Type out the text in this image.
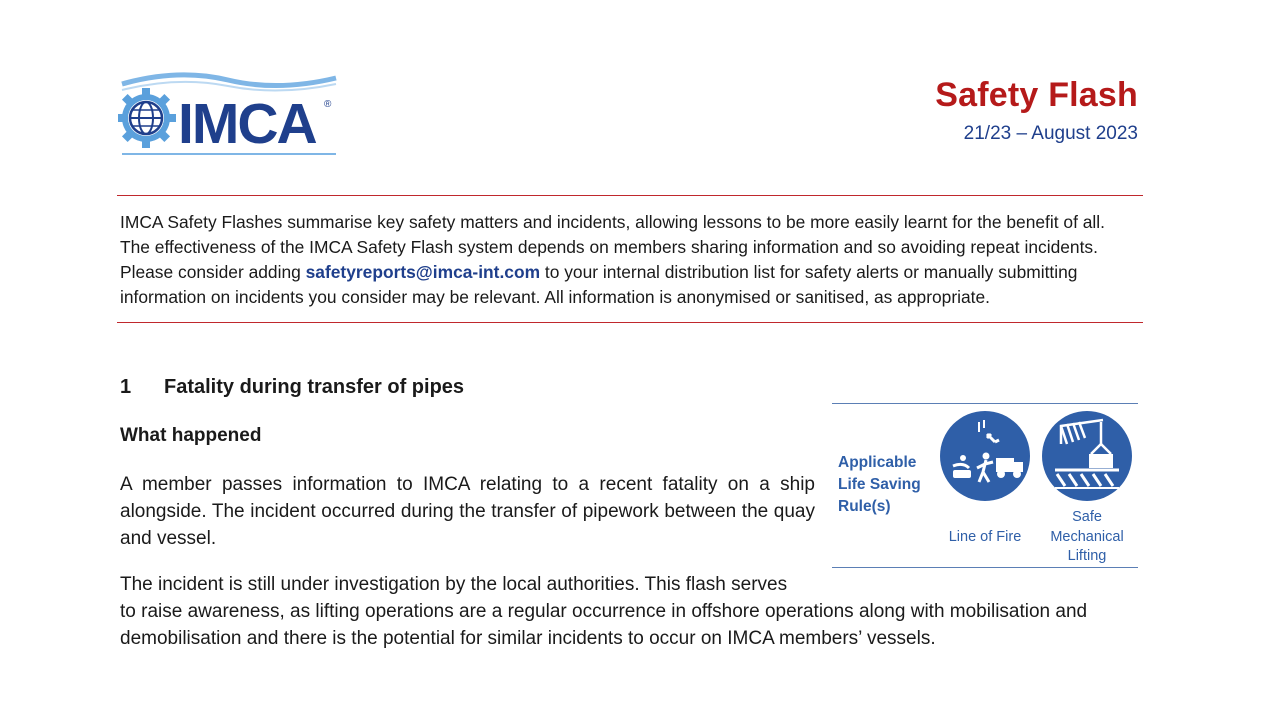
IMCA ®	Safety Flash
21/23 – August 2023
IMCA Safety Flashes summarise key safety matters and incidents, allowing lessons to be more easily learnt for the benefit of all.
The effectiveness of the IMCA Safety Flash system depends on members sharing information and so avoiding repeat incidents.
Please consider adding safetyreports@imca-int.com to your internal distribution list for safety alerts or manually submitting
information on incidents you consider may be relevant. All information is anonymised or sanitised, as appropriate.
1 Fatality during transfer of pipes
What happened
A member passes information to IMCA relating to a recent fatality on a ship alongside. The incident occurred during the transfer of pipework between the quay and vessel.
The incident is still under investigation by the local authorities. This flash serves
to raise awareness, as lifting operations are a regular occurrence in offshore operations along with mobilisation and
demobilisation and there is the potential for similar incidents to occur on IMCA members’ vessels.
Applicable
Life Saving
Rule(s)
Line of Fire
Safe
Mechanical
Lifting
